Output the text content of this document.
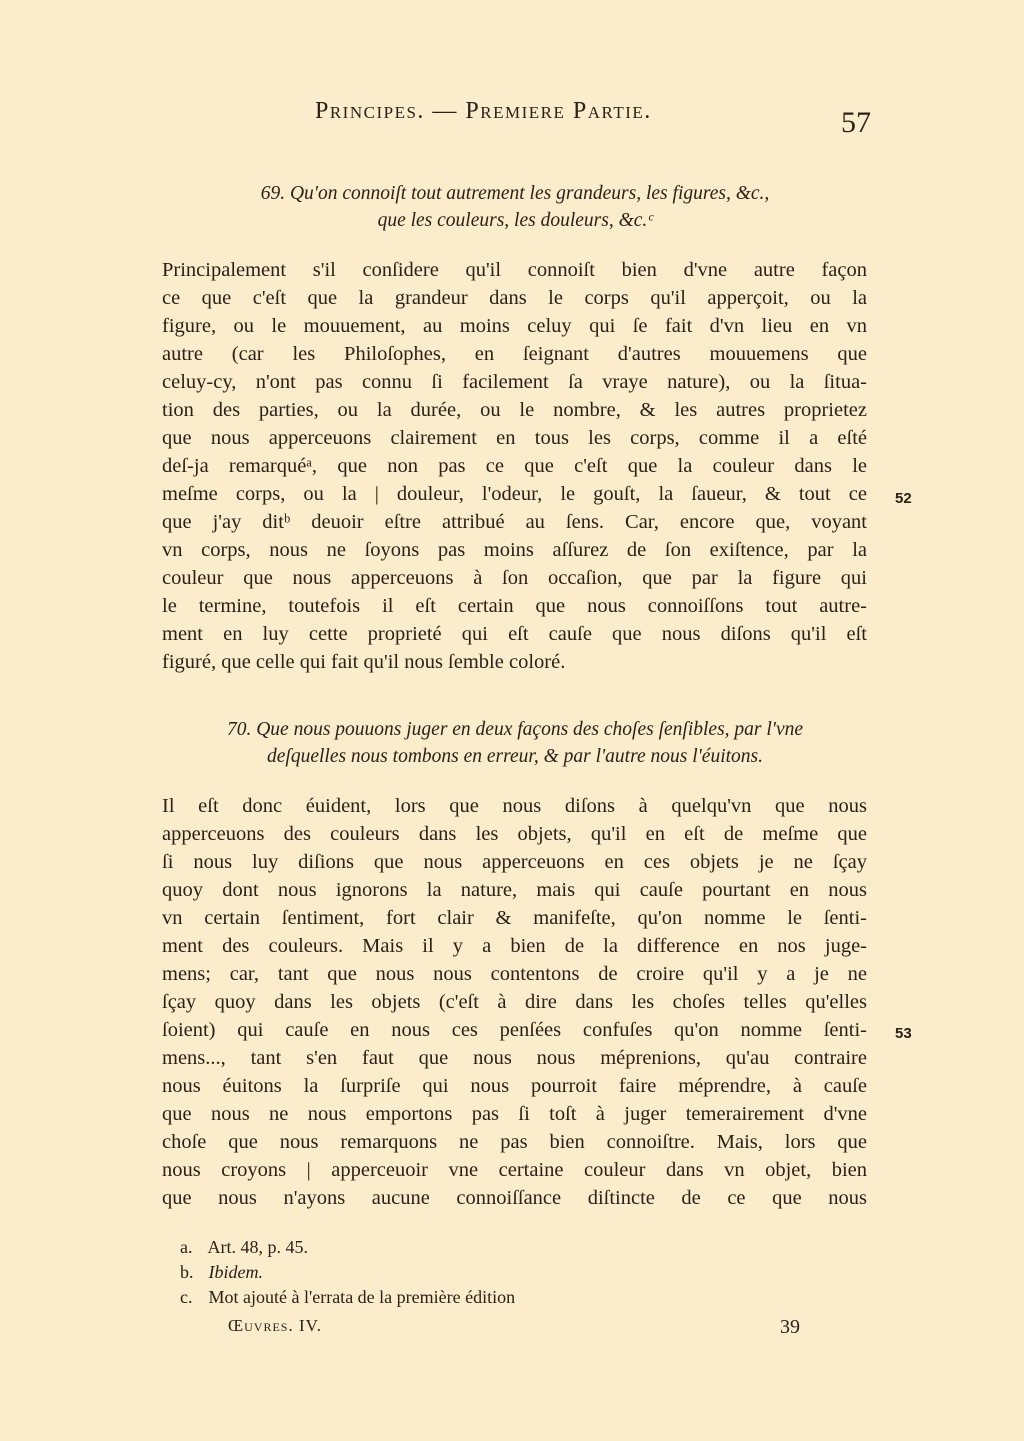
Principes. — Premiere Partie.	57
69. Qu'on connoiſt tout autrement les grandeurs, les figures, &c.,
que les couleurs, les douleurs, &c.ᶜ
Principalement s'il conſidere qu'il connoiſt bien d'vne autre façon
ce que c'eſt que la grandeur dans le corps qu'il apperçoit, ou la
figure, ou le mouuement, au moins celuy qui ſe fait d'vn lieu en vn
autre (car les Philoſophes, en ſeignant d'autres mouuemens que
celuy-cy, n'ont pas connu ſi facilement ſa vraye nature), ou la ſitua-
tion des parties, ou la durée, ou le nombre, & les autres proprietez
que nous apperceuons clairement en tous les corps, comme il a eſté
deſ-ja remarquéᵃ, que non pas ce que c'eſt que la couleur dans le
meſme corps, ou la | douleur, l'odeur, le gouſt, la ſaueur, & tout ce
que j'ay ditᵇ deuoir eſtre attribué au ſens. Car, encore que, voyant
vn corps, nous ne ſoyons pas moins aſſurez de ſon exiſtence, par la
couleur que nous apperceuons à ſon occaſion, que par la figure qui
le termine, toutefois il eſt certain que nous connoiſſons tout autre-
ment en luy cette proprieté qui eſt cauſe que nous diſons qu'il eſt
figuré, que celle qui fait qu'il nous ſemble coloré.
52
70. Que nous pouuons juger en deux façons des choſes ſenſibles, par l'vne
deſquelles nous tombons en erreur, & par l'autre nous l'éuitons.
Il eſt donc éuident, lors que nous diſons à quelqu'vn que nous
apperceuons des couleurs dans les objets, qu'il en eſt de meſme que
ſi nous luy diſions que nous apperceuons en ces objets je ne ſçay
quoy dont nous ignorons la nature, mais qui cauſe pourtant en nous
vn certain ſentiment, fort clair & manifeſte, qu'on nomme le ſenti-
ment des couleurs. Mais il y a bien de la difference en nos juge-
mens; car, tant que nous nous contentons de croire qu'il y a je ne
ſçay quoy dans les objets (c'eſt à dire dans les choſes telles qu'elles
ſoient) qui cauſe en nous ces penſées confuſes qu'on nomme ſenti-
mens..., tant s'en faut que nous nous méprenions, qu'au contraire
nous éuitons la ſurpriſe qui nous pourroit faire méprendre, à cauſe
que nous ne nous emportons pas ſi toſt à juger temerairement d'vne
choſe que nous remarquons ne pas bien connoiſtre. Mais, lors que
nous croyons | apperceuoir vne certaine couleur dans vn objet, bien
que nous n'ayons aucune connoiſſance diſtincte de ce que nous
53
a. Art. 48, p. 45.
b. Ibidem.
c. Mot ajouté à l'errata de la première édition
Œuvres. IV.	39
